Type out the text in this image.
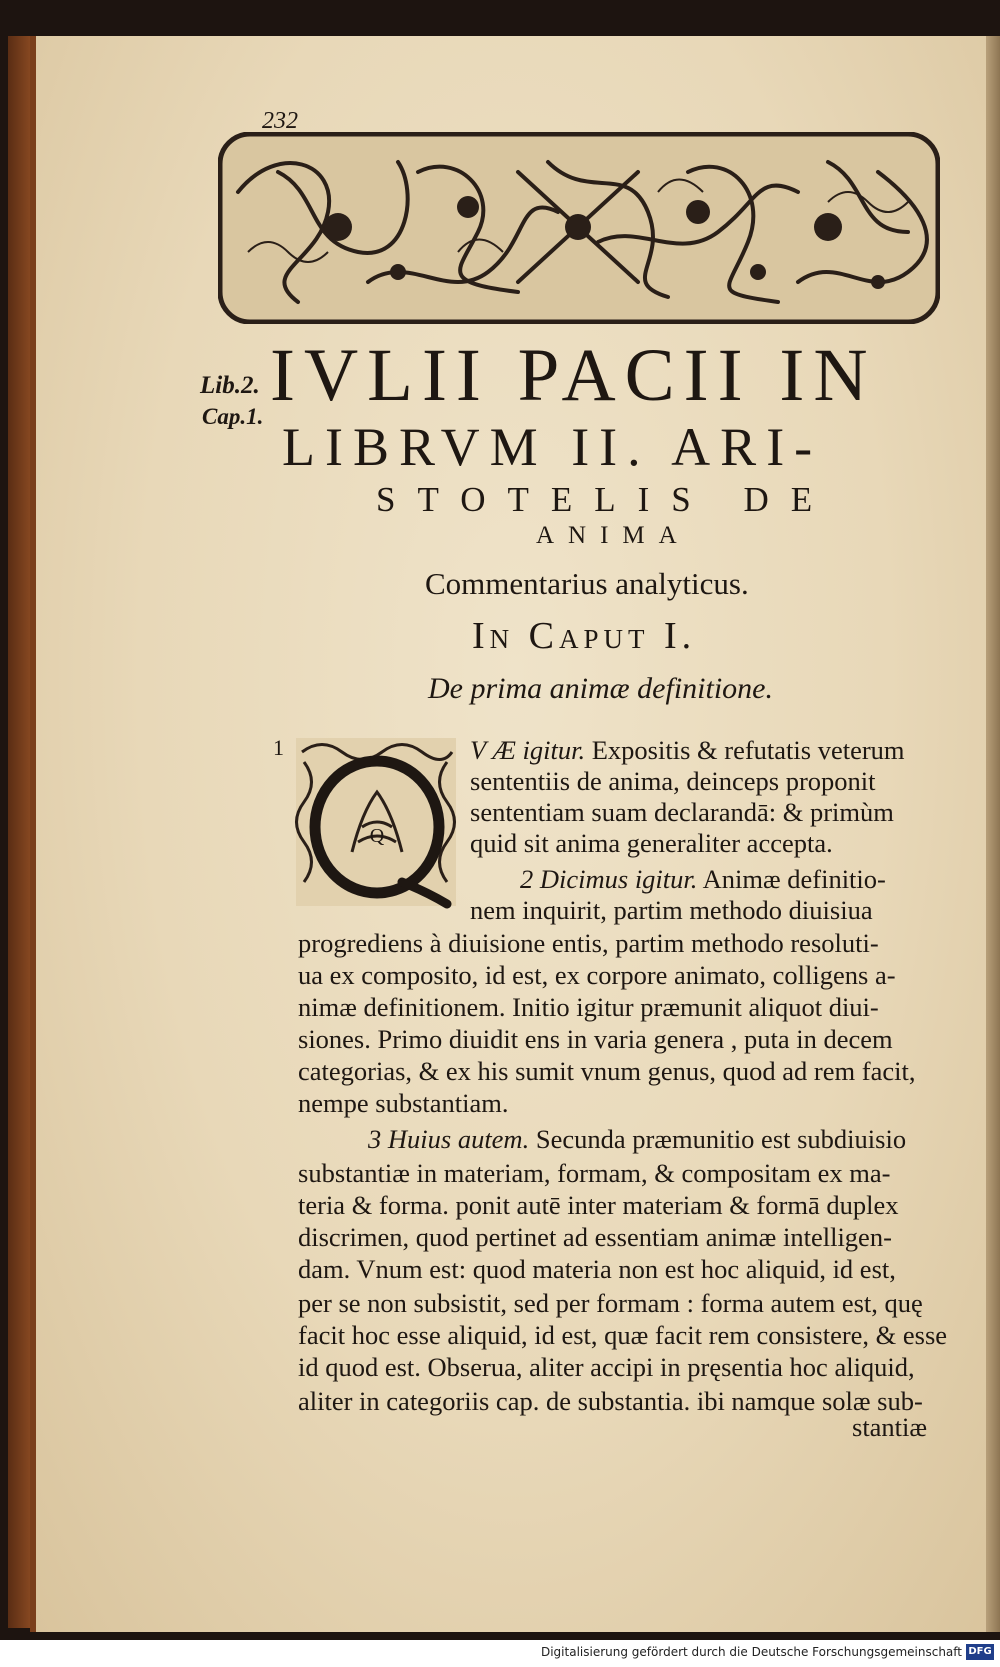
232
Lib.2.
Cap.1. IVLII PACII IN
LIBRVM II. ARI-
STOTELIS DE
ANIMA
Commentarius analyticus.
In Caput I.
De prima animæ definitione.
1
Q
V Æ igitur. Expositis & refutatis veterum
sententiis de anima, deinceps proponit
sententiam suam declarandā: & primùm
quid sit anima generaliter accepta.
2 Dicimus igitur. Animæ definitio-
nem inquirit, partim methodo diuisiua
progrediens à diuisione entis, partim methodo resoluti-
ua ex composito, id est, ex corpore animato, colligens a-
nimæ definitionem. Initio igitur præmunit aliquot diui-
siones. Primo diuidit ens in varia genera , puta in decem
categorias, & ex his sumit vnum genus, quod ad rem facit,
nempe substantiam.
3 Huius autem. Secunda præmunitio est subdiuisio
substantiæ in materiam, formam, & compositam ex ma-
teria & forma. ponit autē inter materiam & formā duplex
discrimen, quod pertinet ad essentiam animæ intelligen-
dam. Vnum est: quod materia non est hoc aliquid, id est,
per se non subsistit, sed per formam : forma autem est, quę
facit hoc esse aliquid, id est, quæ facit rem consistere, & esse
id quod est. Obserua, aliter accipi in pręsentia hoc aliquid,
aliter in categoriis cap. de substantia. ibi namque solæ sub-
stantiæ
Digitalisierung gefördert durch die Deutsche Forschungsgemeinschaft DFG
